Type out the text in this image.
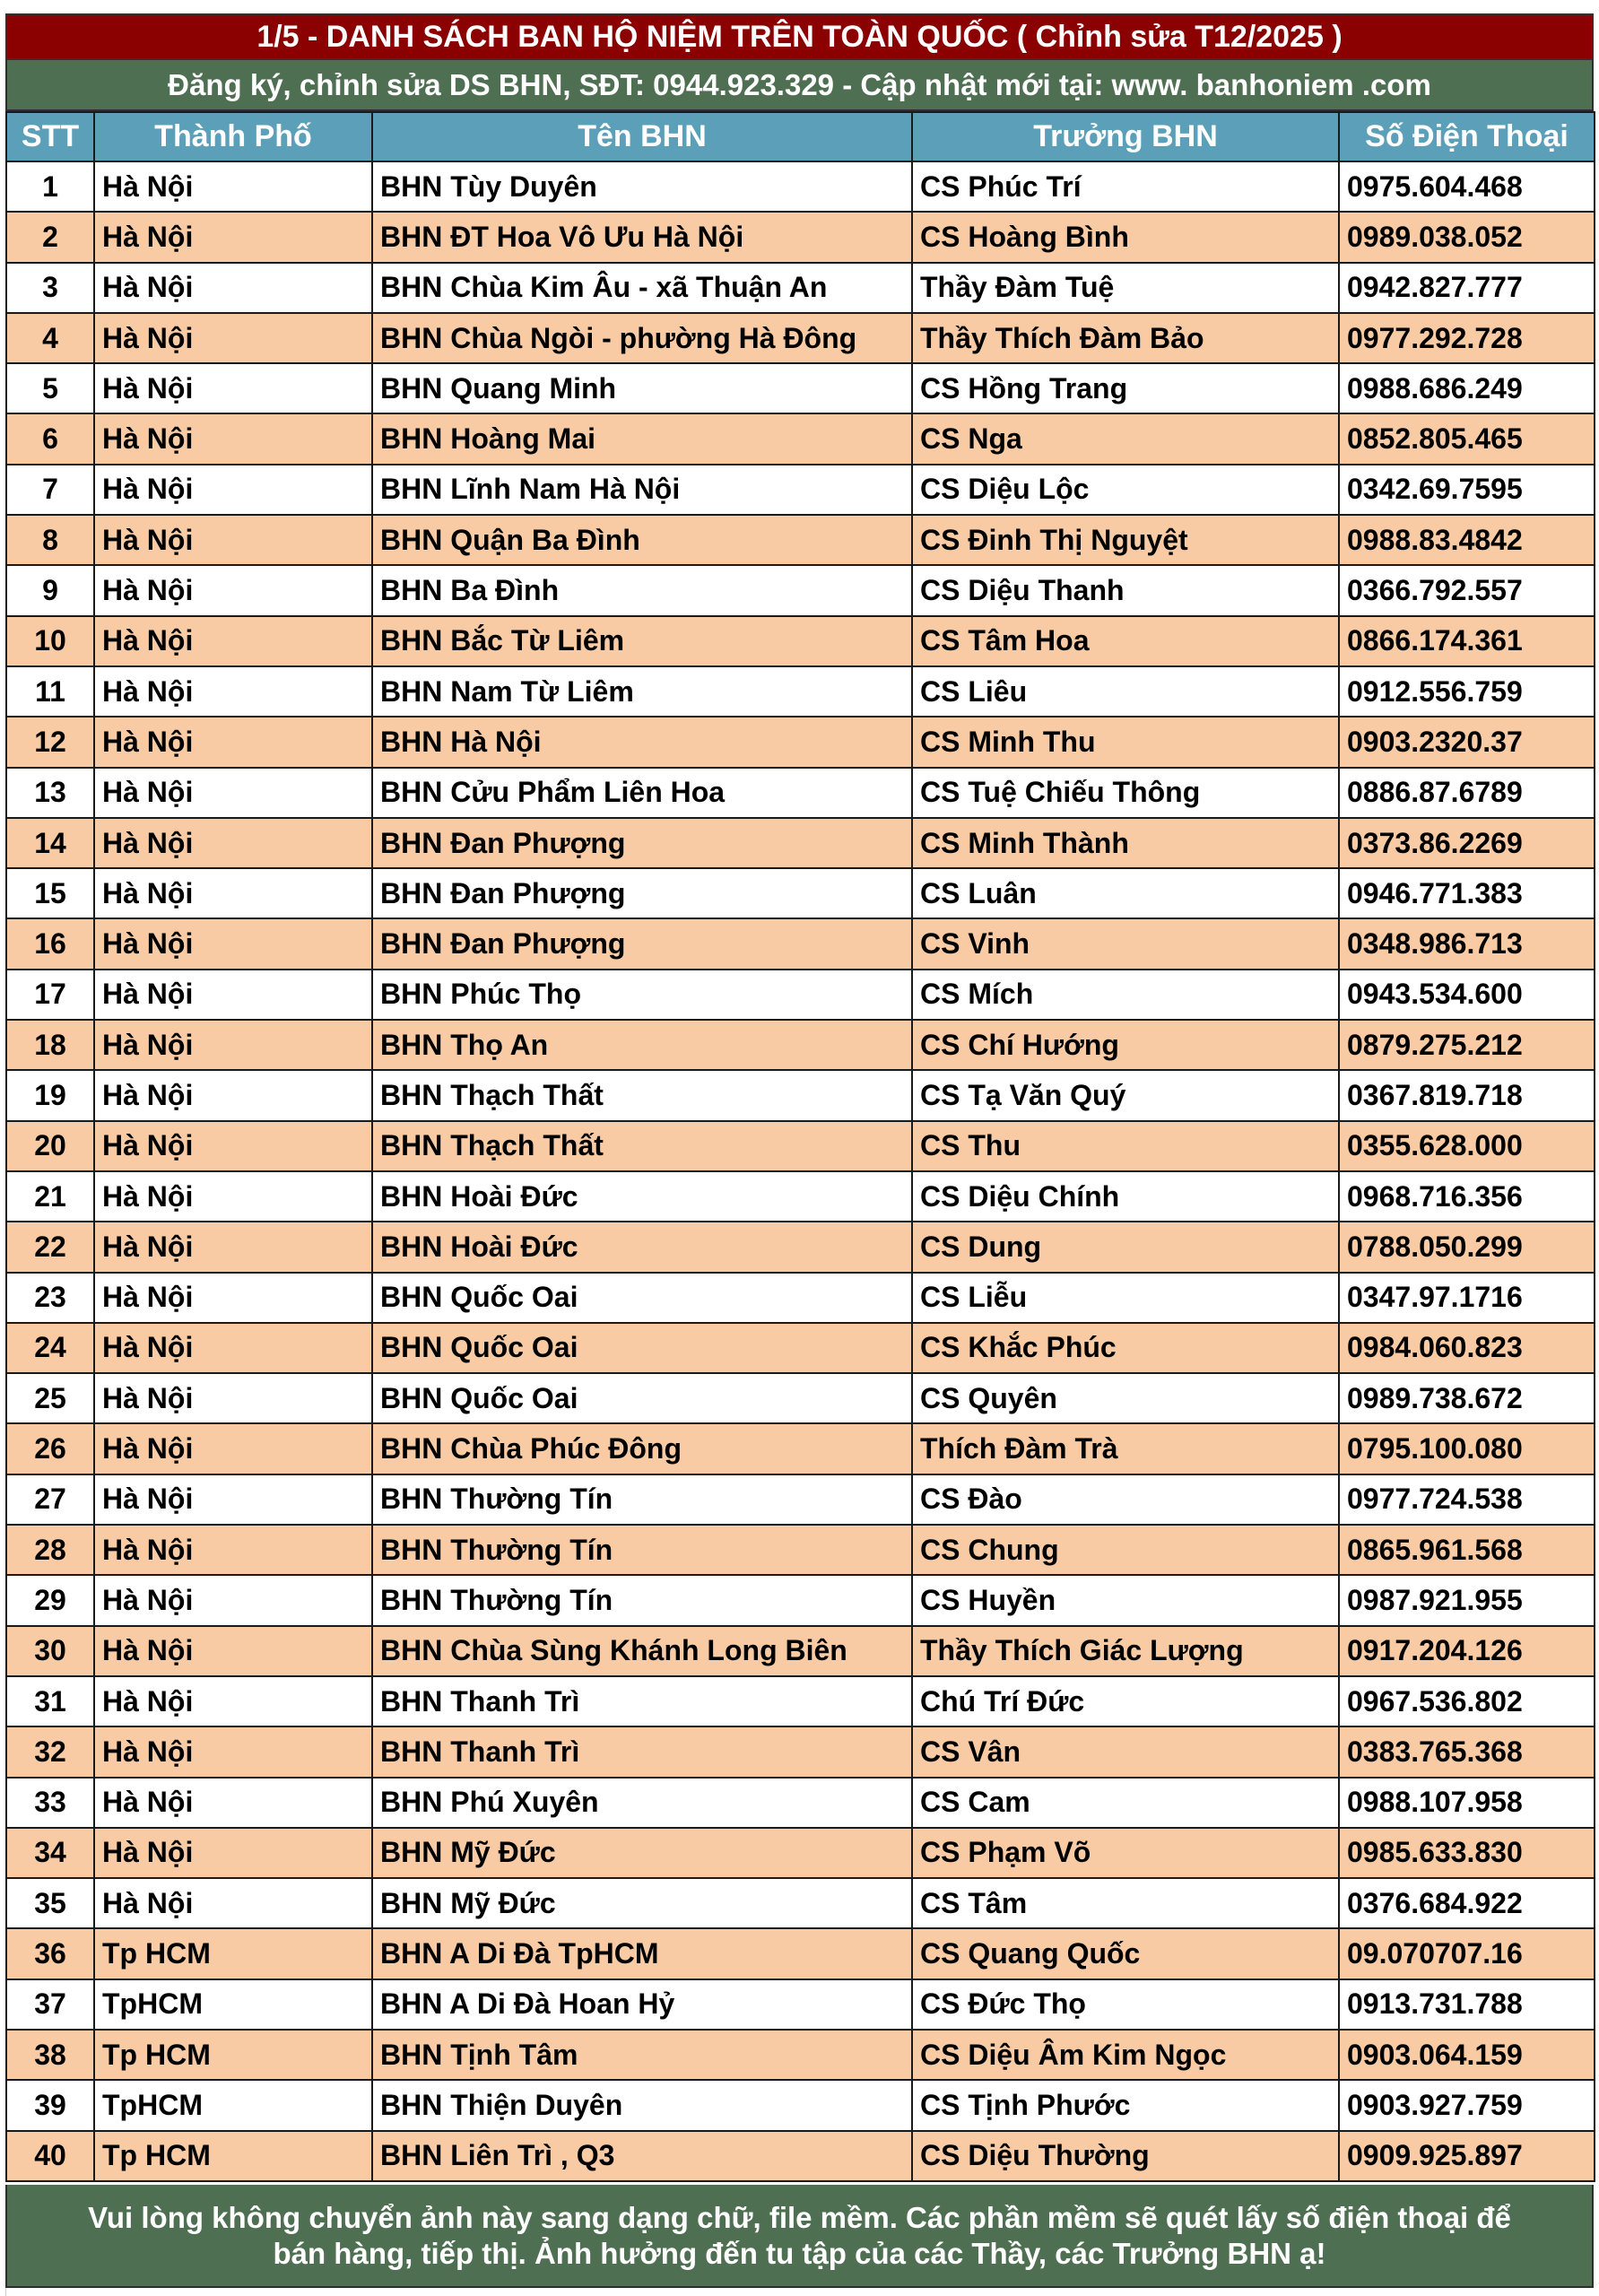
1/5 - DANH SÁCH BAN HỘ NIỆM TRÊN TOÀN QUỐC ( Chỉnh sửa T12/2025 )
Đăng ký, chỉnh sửa DS BHN, SĐT: 0944.923.329 - Cập nhật mới tại: www. banhoniem .com
STT	Thành Phố	Tên BHN	Trưởng BHN	Số Điện Thoại
1	Hà Nội	BHN Tùy Duyên	CS Phúc Trí	0975.604.468
2	Hà Nội	BHN ĐT Hoa Vô Ưu Hà Nội	CS Hoàng Bình	0989.038.052
3	Hà Nội	BHN Chùa Kim Âu - xã Thuận An	Thầy Đàm Tuệ	0942.827.777
4	Hà Nội	BHN Chùa Ngòi - phường Hà Đông	Thầy Thích Đàm Bảo	0977.292.728
5	Hà Nội	BHN Quang Minh	CS Hồng Trang	0988.686.249
6	Hà Nội	BHN Hoàng Mai	CS Nga	0852.805.465
7	Hà Nội	BHN Lĩnh Nam Hà Nội	CS Diệu Lộc	0342.69.7595
8	Hà Nội	BHN Quận Ba Đình	CS Đinh Thị Nguyệt	0988.83.4842
9	Hà Nội	BHN Ba Đình	CS Diệu Thanh	0366.792.557
10	Hà Nội	BHN Bắc Từ Liêm	CS Tâm Hoa	0866.174.361
11	Hà Nội	BHN Nam Từ Liêm	CS Liêu	0912.556.759
12	Hà Nội	BHN Hà Nội	CS Minh Thu	0903.2320.37
13	Hà Nội	BHN Cửu Phẩm Liên Hoa	CS Tuệ Chiếu Thông	0886.87.6789
14	Hà Nội	BHN Đan Phượng	CS Minh Thành	0373.86.2269
15	Hà Nội	BHN Đan Phượng	CS Luân	0946.771.383
16	Hà Nội	BHN Đan Phượng	CS Vinh	0348.986.713
17	Hà Nội	BHN Phúc Thọ	CS Mích	0943.534.600
18	Hà Nội	BHN Thọ An	CS Chí Hướng	0879.275.212
19	Hà Nội	BHN Thạch Thất	CS Tạ Văn Quý	0367.819.718
20	Hà Nội	BHN Thạch Thất	CS Thu	0355.628.000
21	Hà Nội	BHN Hoài Đức	CS Diệu Chính	0968.716.356
22	Hà Nội	BHN Hoài Đức	CS Dung	0788.050.299
23	Hà Nội	BHN Quốc Oai	CS Liễu	0347.97.1716
24	Hà Nội	BHN Quốc Oai	CS Khắc Phúc	0984.060.823
25	Hà Nội	BHN Quốc Oai	CS Quyên	0989.738.672
26	Hà Nội	BHN Chùa Phúc Đông	Thích Đàm Trà	0795.100.080
27	Hà Nội	BHN Thường Tín	CS Đào	0977.724.538
28	Hà Nội	BHN Thường Tín	CS Chung	0865.961.568
29	Hà Nội	BHN Thường Tín	CS Huyền	0987.921.955
30	Hà Nội	BHN Chùa Sùng Khánh Long Biên	Thầy Thích Giác Lượng	0917.204.126
31	Hà Nội	BHN Thanh Trì	Chú Trí Đức	0967.536.802
32	Hà Nội	BHN Thanh Trì	CS Vân	0383.765.368
33	Hà Nội	BHN Phú Xuyên	CS Cam	0988.107.958
34	Hà Nội	BHN Mỹ Đức	CS Phạm Võ	0985.633.830
35	Hà Nội	BHN Mỹ Đức	CS Tâm	0376.684.922
36	Tp HCM	BHN A Di Đà TpHCM	CS Quang Quốc	09.070707.16
37	TpHCM	BHN A Di Đà Hoan Hỷ	CS Đức Thọ	0913.731.788
38	Tp HCM	BHN Tịnh Tâm	CS Diệu Âm Kim Ngọc	0903.064.159
39	TpHCM	BHN Thiện Duyên	CS Tịnh Phước	0903.927.759
40	Tp HCM	BHN Liên Trì , Q3	CS Diệu Thường	0909.925.897
Vui lòng không chuyển ảnh này sang dạng chữ, file mềm. Các phần mềm sẽ quét lấy số điện thoại để
bán hàng, tiếp thị. Ảnh hưởng đến tu tập của các Thầy, các Trưởng BHN ạ!
